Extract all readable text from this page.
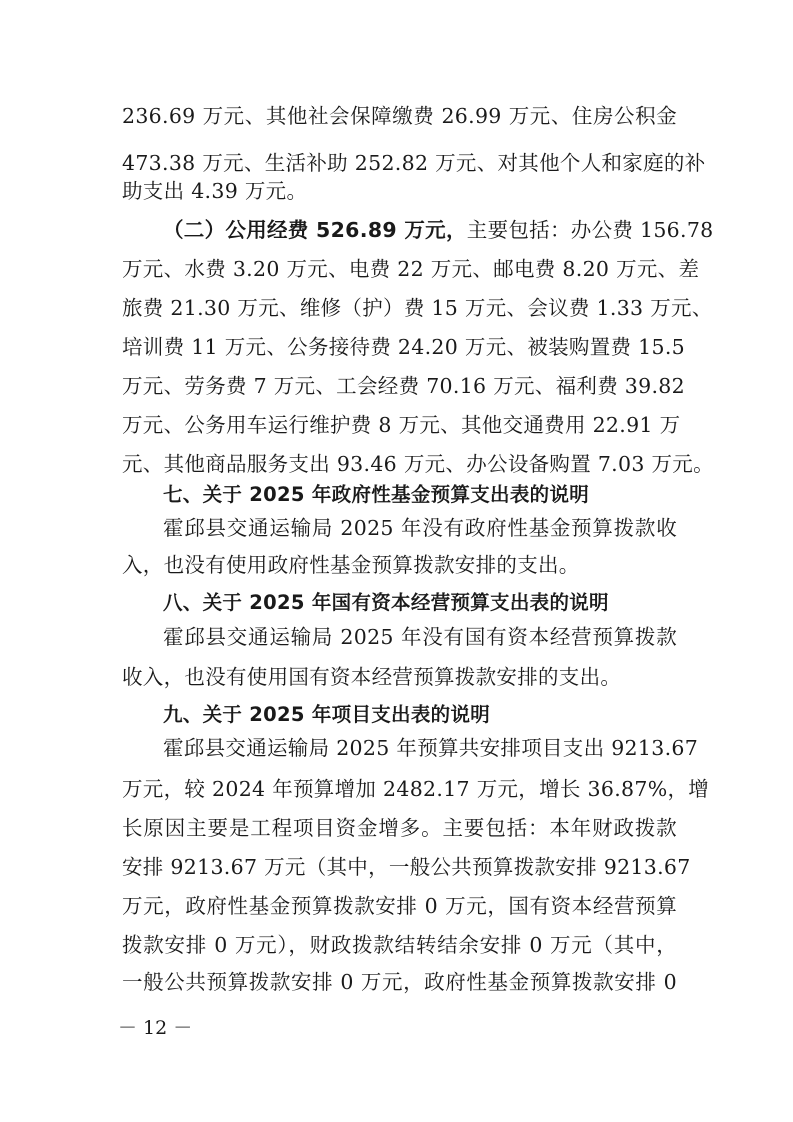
236.69 万元、其他社会保障缴费 26.99 万元、住房公积金
473.38 万元、生活补助 252.82 万元、对其他个人和家庭的补
助支出 4.39 万元。
（二）公用经费 526.89 万元，主要包括：办公费 156.78
万元、水费 3.20 万元、电费 22 万元、邮电费 8.20 万元、差
旅费 21.30 万元、维修（护）费 15 万元、会议费 1.33 万元、
培训费 11 万元、公务接待费 24.20 万元、被装购置费 15.5
万元、劳务费 7 万元、工会经费 70.16 万元、福利费 39.82
万元、公务用车运行维护费 8 万元、其他交通费用 22.91 万
元、其他商品服务支出 93.46 万元、办公设备购置 7.03 万元。
七、关于 2025 年政府性基金预算支出表的说明
霍邱县交通运输局 2025 年没有政府性基金预算拨款收
入，也没有使用政府性基金预算拨款安排的支出。
八、关于 2025 年国有资本经营预算支出表的说明
霍邱县交通运输局 2025 年没有国有资本经营预算拨款
收入，也没有使用国有资本经营预算拨款安排的支出。
九、关于 2025 年项目支出表的说明
霍邱县交通运输局 2025 年预算共安排项目支出 9213.67
万元，较 2024 年预算增加 2482.17 万元，增长 36.87%，增
长原因主要是工程项目资金增多。主要包括：本年财政拨款
安排 9213.67 万元（其中，一般公共预算拨款安排 9213.67
万元，政府性基金预算拨款安排 0 万元，国有资本经营预算
拨款安排 0 万元），财政拨款结转结余安排 0 万元（其中，
一般公共预算拨款安排 0 万元，政府性基金预算拨款安排 0
－ 12 －
